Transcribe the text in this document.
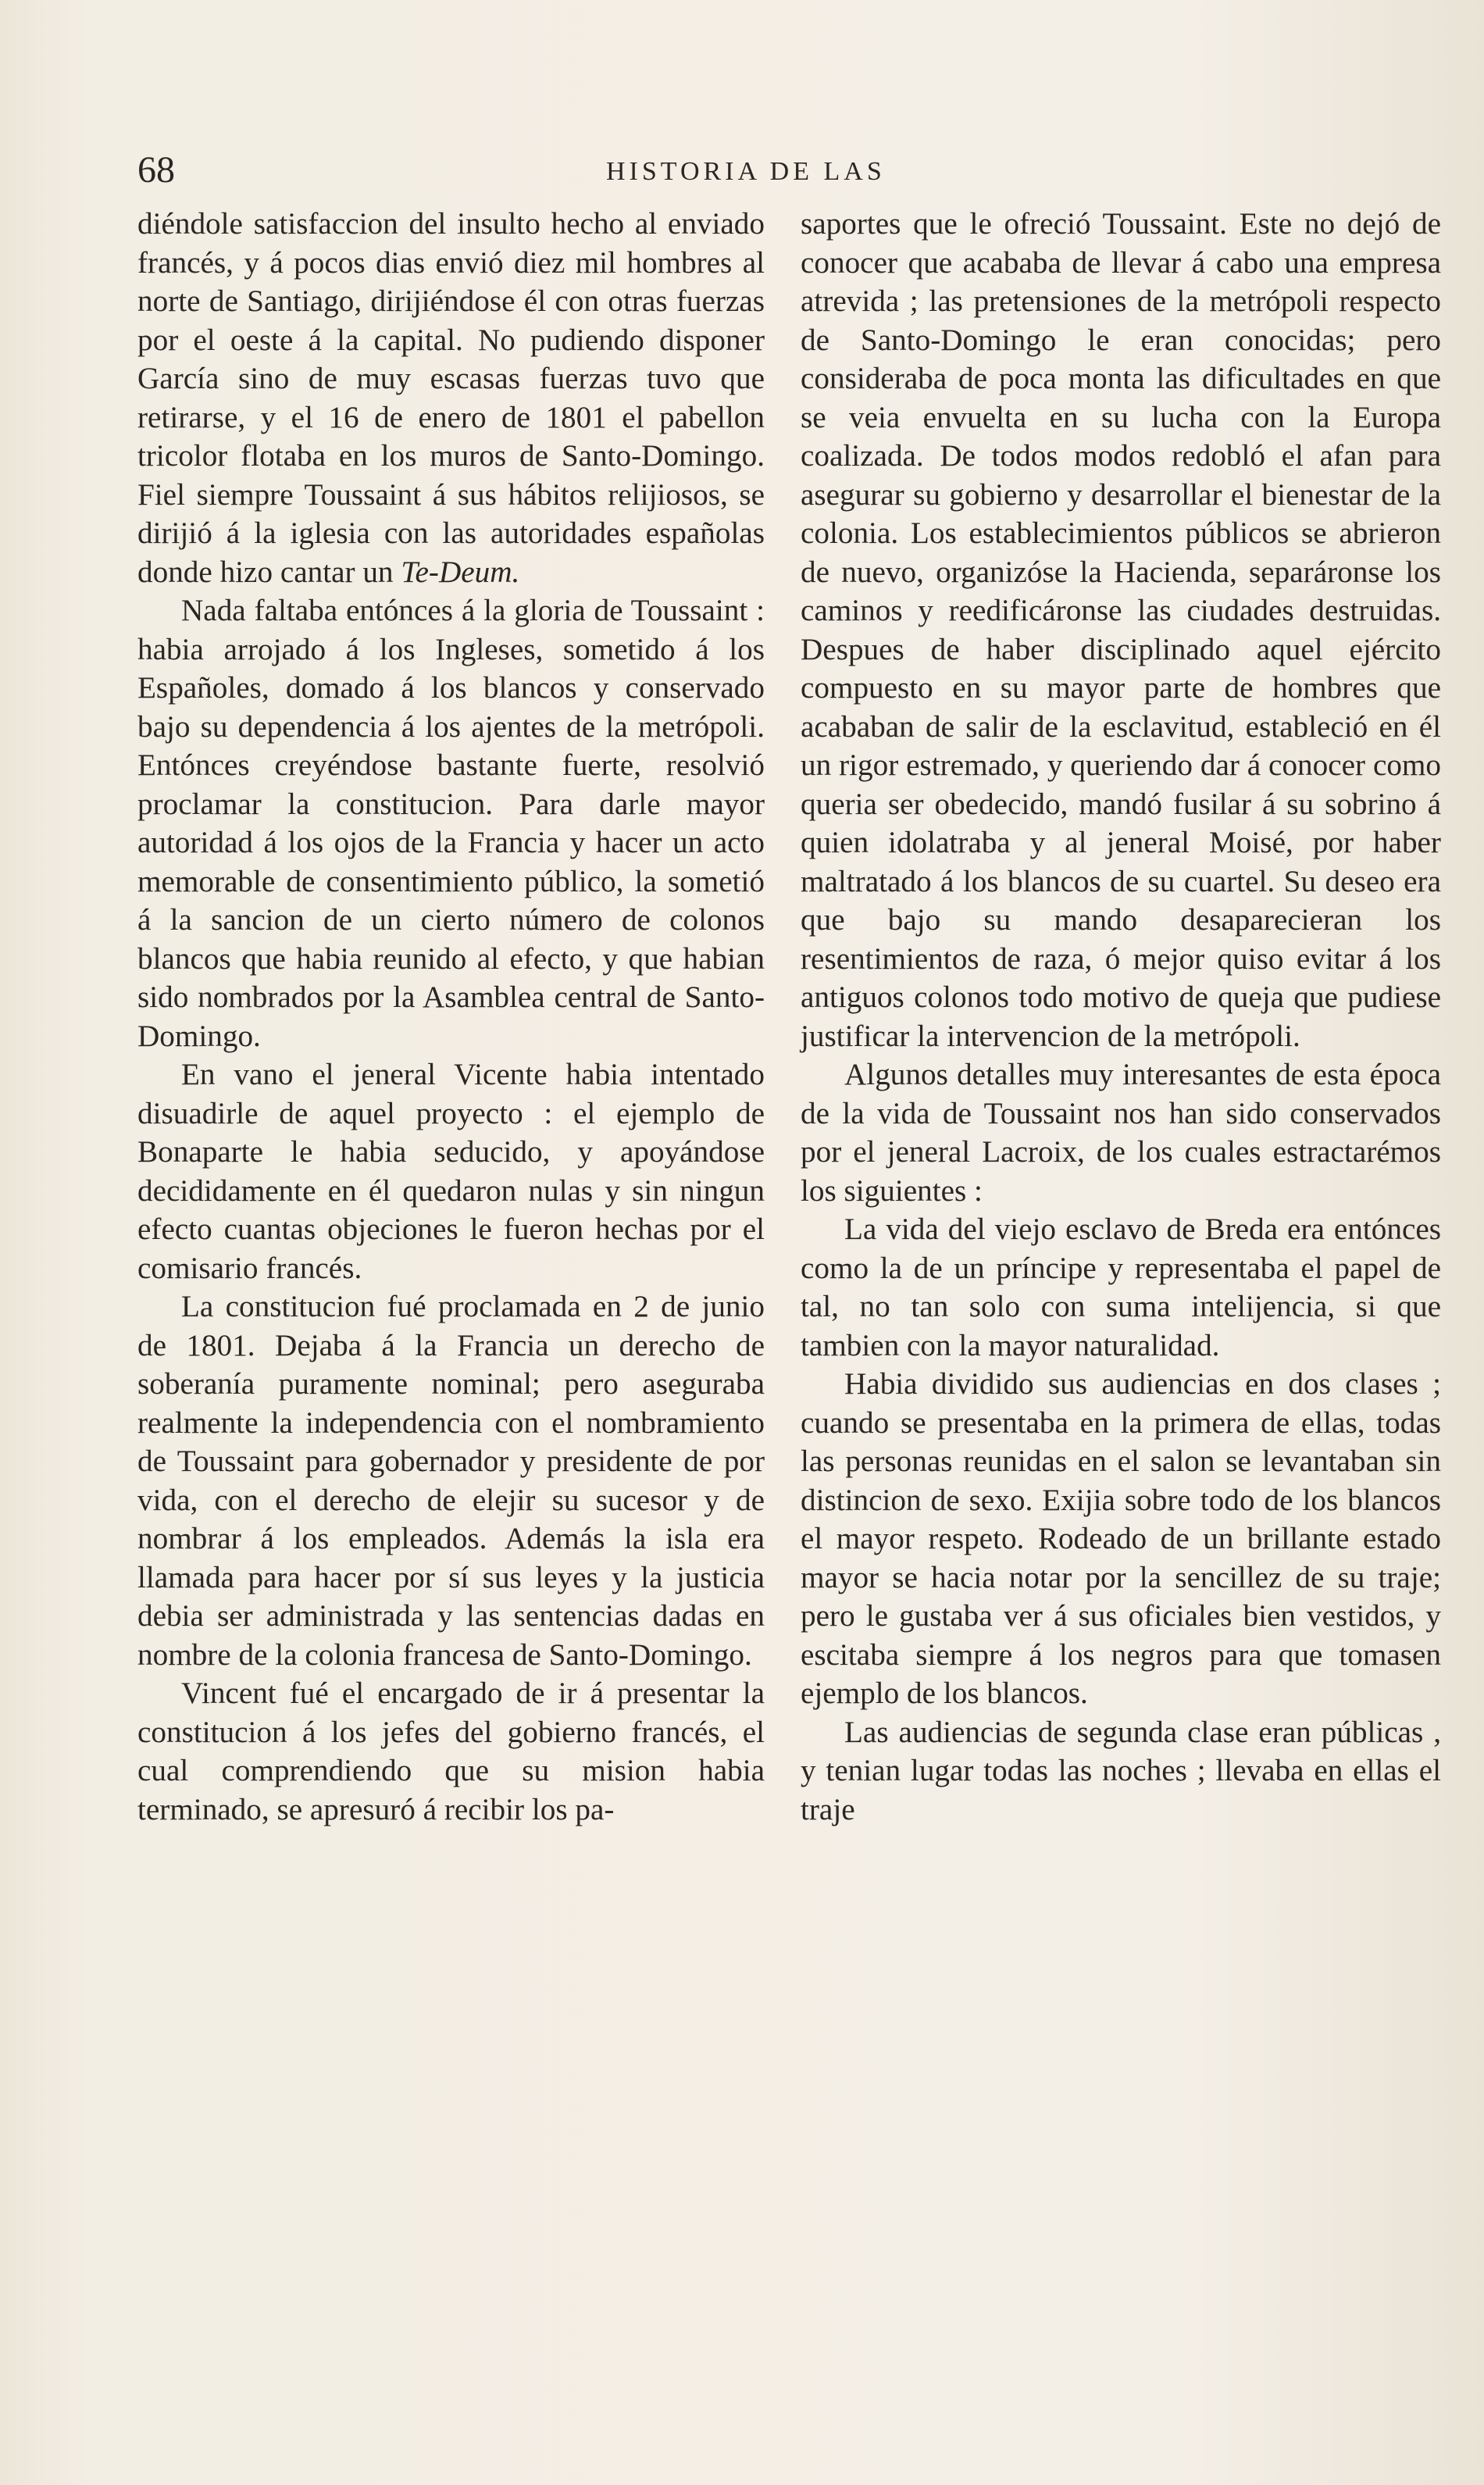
68	HISTORIA DE LAS

diéndole satisfaccion del insulto hecho al enviado francés, y á pocos dias envió diez mil hombres al norte de Santiago, dirijiéndose él con otras fuerzas por el oeste á la capital. No pudiendo disponer García sino de muy escasas fuerzas tuvo que retirarse, y el 16 de enero de 1801 el pabellon tricolor flotaba en los muros de Santo-Domingo. Fiel siempre Toussaint á sus hábitos relijiosos, se dirijió á la iglesia con las autoridades españolas donde hizo cantar un Te-Deum.

Nada faltaba entónces á la gloria de Toussaint : habia arrojado á los Ingleses, sometido á los Españoles, domado á los blancos y conservado bajo su dependencia á los ajentes de la metrópoli. Entónces creyéndose bastante fuerte, resolvió proclamar la constitucion. Para darle mayor autoridad á los ojos de la Francia y hacer un acto memorable de consentimiento público, la sometió á la sancion de un cierto número de colonos blancos que habia reunido al efecto, y que habian sido nombrados por la Asamblea central de Santo-Domingo.

En vano el jeneral Vicente habia intentado disuadirle de aquel proyecto : el ejemplo de Bonaparte le habia seducido, y apoyándose decididamente en él quedaron nulas y sin ningun efecto cuantas objeciones le fueron hechas por el comisario francés.

La constitucion fué proclamada en 2 de junio de 1801. Dejaba á la Francia un derecho de soberanía puramente nominal; pero aseguraba realmente la independencia con el nombramiento de Toussaint para gobernador y presidente de por vida, con el derecho de elejir su sucesor y de nombrar á los empleados. Además la isla era llamada para hacer por sí sus leyes y la justicia debia ser administrada y las sentencias dadas en nombre de la colonia francesa de Santo-Domingo.

Vincent fué el encargado de ir á presentar la constitucion á los jefes del gobierno francés, el cual comprendiendo que su mision habia terminado, se apresuró á recibir los pa-

saportes que le ofreció Toussaint. Este no dejó de conocer que acababa de llevar á cabo una empresa atrevida ; las pretensiones de la metrópoli respecto de Santo-Domingo le eran conocidas; pero consideraba de poca monta las dificultades en que se veia envuelta en su lucha con la Europa coalizada. De todos modos redobló el afan para asegurar su gobierno y desarrollar el bienestar de la colonia. Los establecimientos públicos se abrieron de nuevo, organizóse la Hacienda, separáronse los caminos y reedificáronse las ciudades destruidas. Despues de haber disciplinado aquel ejército compuesto en su mayor parte de hombres que acababan de salir de la esclavitud, estableció en él un rigor estremado, y queriendo dar á conocer como queria ser obedecido, mandó fusilar á su sobrino á quien idolatraba y al jeneral Moisé, por haber maltratado á los blancos de su cuartel. Su deseo era que bajo su mando desaparecieran los resentimientos de raza, ó mejor quiso evitar á los antiguos colonos todo motivo de queja que pudiese justificar la intervencion de la metrópoli.

Algunos detalles muy interesantes de esta época de la vida de Toussaint nos han sido conservados por el jeneral Lacroix, de los cuales estractarémos los siguientes :

La vida del viejo esclavo de Breda era entónces como la de un príncipe y representaba el papel de tal, no tan solo con suma intelijencia, si que tambien con la mayor naturalidad.

Habia dividido sus audiencias en dos clases ; cuando se presentaba en la primera de ellas, todas las personas reunidas en el salon se levantaban sin distincion de sexo. Exijia sobre todo de los blancos el mayor respeto. Rodeado de un brillante estado mayor se hacia notar por la sencillez de su traje; pero le gustaba ver á sus oficiales bien vestidos, y escitaba siempre á los negros para que tomasen ejemplo de los blancos.

Las audiencias de segunda clase eran públicas , y tenian lugar todas las noches ; llevaba en ellas el traje
